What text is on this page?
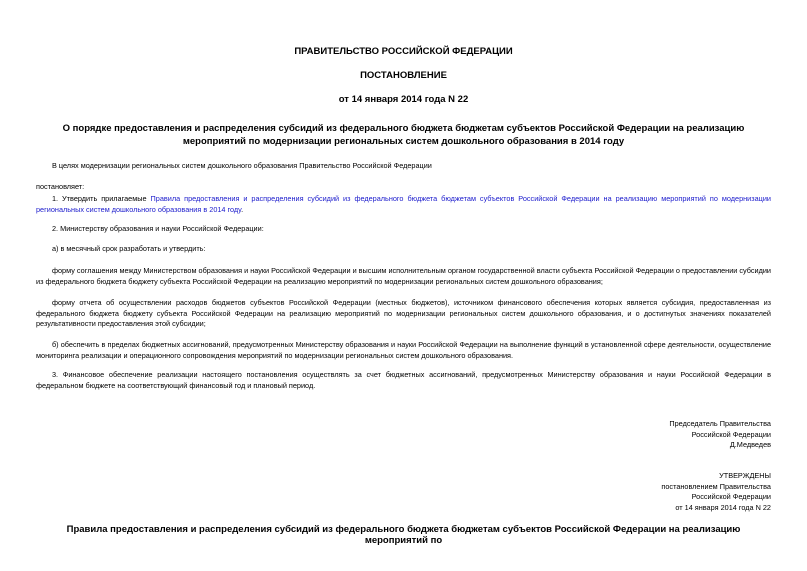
ПРАВИТЕЛЬСТВО РОССИЙСКОЙ ФЕДЕРАЦИИ
ПОСТАНОВЛЕНИЕ
от 14 января 2014 года N 22
О порядке предоставления и распределения субсидий из федерального бюджета бюджетам субъектов Российской Федерации на реализацию мероприятий по модернизации региональных систем дошкольного образования в 2014 году
В целях модернизации региональных систем дошкольного образования Правительство Российской Федерации
постановляет:
1. Утвердить прилагаемые Правила предоставления и распределения субсидий из федерального бюджета бюджетам субъектов Российской Федерации на реализацию мероприятий по модернизации региональных систем дошкольного образования в 2014 году.
2. Министерству образования и науки Российской Федерации:
а) в месячный срок разработать и утвердить:
форму соглашения между Министерством образования и науки Российской Федерации и высшим исполнительным органом государственной власти субъекта Российской Федерации о предоставлении субсидии из федерального бюджета бюджету субъекта Российской Федерации на реализацию мероприятий по модернизации региональных систем дошкольного образования;
форму отчета об осуществлении расходов бюджетов субъектов Российской Федерации (местных бюджетов), источником финансового обеспечения которых является субсидия, предоставленная из федерального бюджета бюджету субъекта Российской Федерации на реализацию мероприятий по модернизации региональных систем дошкольного образования, и о достигнутых значениях показателей результативности предоставления этой субсидии;
б) обеспечить в пределах бюджетных ассигнований, предусмотренных Министерству образования и науки Российской Федерации на выполнение функций в установленной сфере деятельности, осуществление мониторинга реализации и операционного сопровождения мероприятий по модернизации региональных систем дошкольного образования.
3. Финансовое обеспечение реализации настоящего постановления осуществлять за счет бюджетных ассигнований, предусмотренных Министерству образования и науки Российской Федерации в федеральном бюджете на соответствующий финансовый год и плановый период.
Председатель Правительства
Российской Федерации
Д.Медведев
УТВЕРЖДЕНЫ
постановлением Правительства
Российской Федерации
от 14 января 2014 года N 22
Правила предоставления и распределения субсидий из федерального бюджета бюджетам субъектов Российской Федерации на реализацию мероприятий по
